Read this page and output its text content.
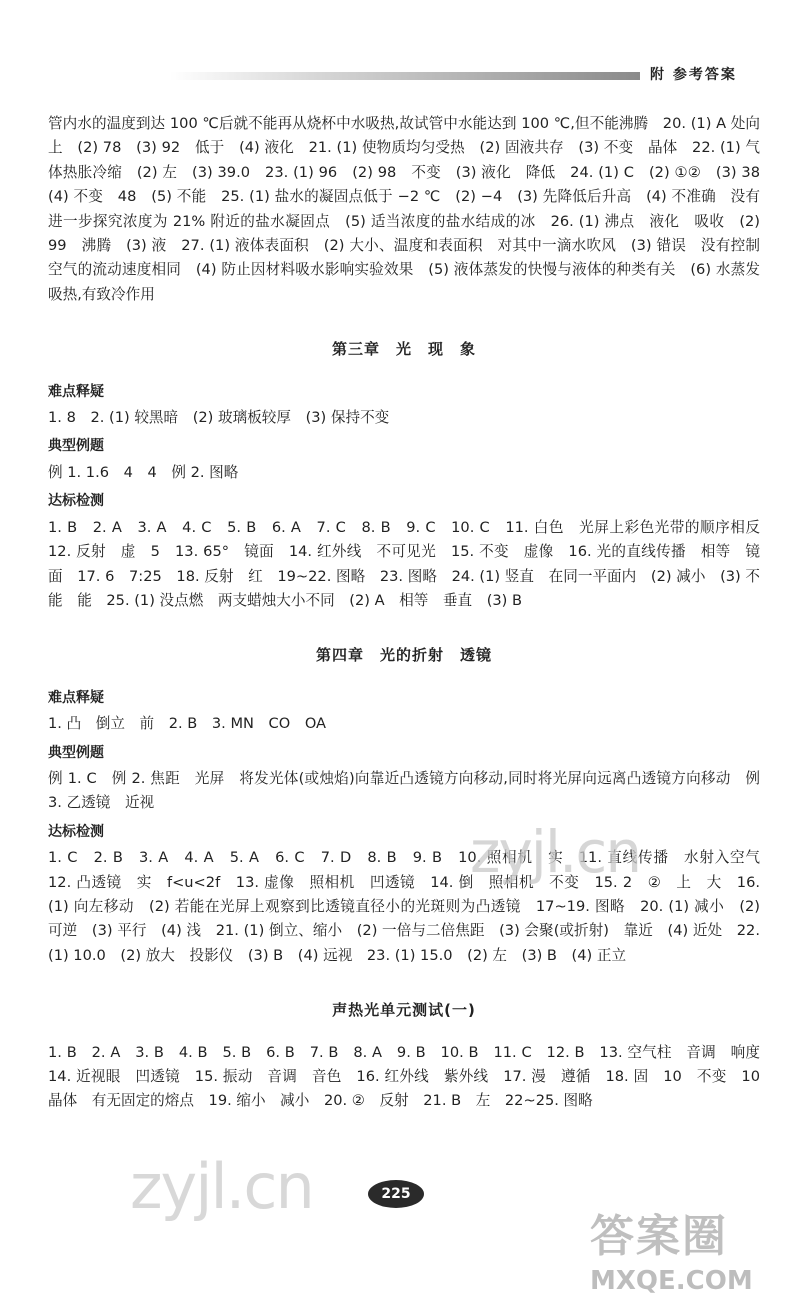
附 参考答案

管内水的温度到达 100 ℃后就不能再从烧杯中水吸热,故试管中水能达到 100 ℃,但不能沸腾　20. (1) A 处向上　(2) 78　(3) 92　低于　(4) 液化　21. (1) 使物质均匀受热　(2) 固液共存　(3) 不变　晶体　22. (1) 气体热胀冷缩　(2) 左　(3) 39.0　23. (1) 96　(2) 98　不变　(3) 液化　降低　24. (1) C　(2) ①②　(3) 38　(4) 不变　48　(5) 不能　25. (1) 盐水的凝固点低于 −2 ℃　(2) −4　(3) 先降低后升高　(4) 不准确　没有进一步探究浓度为 21% 附近的盐水凝固点　(5) 适当浓度的盐水结成的冰　26. (1) 沸点　液化　吸收　(2) 99　沸腾　(3) 液　27. (1) 液体表面积　(2) 大小、温度和表面积　对其中一滴水吹风　(3) 错误　没有控制空气的流动速度相同　(4) 防止因材料吸水影响实验效果　(5) 液体蒸发的快慢与液体的种类有关　(6) 水蒸发吸热,有致冷作用

第三章　光　现　象
难点释疑

1. 8　2. (1) 较黑暗　(2) 玻璃板较厚　(3) 保持不变

典型例题

例 1. 1.6　4　4　例 2. 图略

达标检测

1. B　2. A　3. A　4. C　5. B　6. A　7. C　8. B　9. C　10. C　11. 白色　光屏上彩色光带的顺序相反　12. 反射　虚　5　13. 65°　镜面　14. 红外线　不可见光　15. 不变　虚像　16. 光的直线传播　相等　镜面　17. 6　7:25　18. 反射　红　19~22. 图略　23. 图略　24. (1) 竖直　在同一平面内　(2) 减小　(3) 不能　能　25. (1) 没点燃　两支蜡烛大小不同　(2) A　相等　垂直　(3) B

第四章　光的折射　透镜
难点释疑

1. 凸　倒立　前　2. B　3. MN　CO　OA

典型例题

例 1. C　例 2. 焦距　光屏　将发光体(或烛焰)向靠近凸透镜方向移动,同时将光屏向远离凸透镜方向移动　例 3. 乙透镜　近视

达标检测

1. C　2. B　3. A　4. A　5. A　6. C　7. D　8. B　9. B　10. 照相机　实　11. 直线传播　水射入空气　12. 凸透镜　实　f<u<2f　13. 虚像　照相机　凹透镜　14. 倒　照相机　不变　15. 2　②　上　大　16. (1) 向左移动　(2) 若能在光屏上观察到比透镜直径小的光斑则为凸透镜　17~19. 图略　20. (1) 减小　(2) 可逆　(3) 平行　(4) 浅　21. (1) 倒立、缩小　(2) 一倍与二倍焦距　(3) 会聚(或折射)　靠近　(4) 近处　22. (1) 10.0　(2) 放大　投影仪　(3) B　(4) 远视　23. (1) 15.0　(2) 左　(3) B　(4) 正立

声热光单元测试(一)

1. B　2. A　3. B　4. B　5. B　6. B　7. B　8. A　9. B　10. B　11. C　12. B　13. 空气柱　音调　响度　14. 近视眼　凹透镜　15. 振动　音调　音色　16. 红外线　紫外线　17. 漫　遵循　18. 固　10　不变　10　晶体　有无固定的熔点　19. 缩小　减小　20. ②　反射　21. B　左　22~25. 图略

zyjl.cn
zyjl.cn	225
答案圈
MXQE.COM
